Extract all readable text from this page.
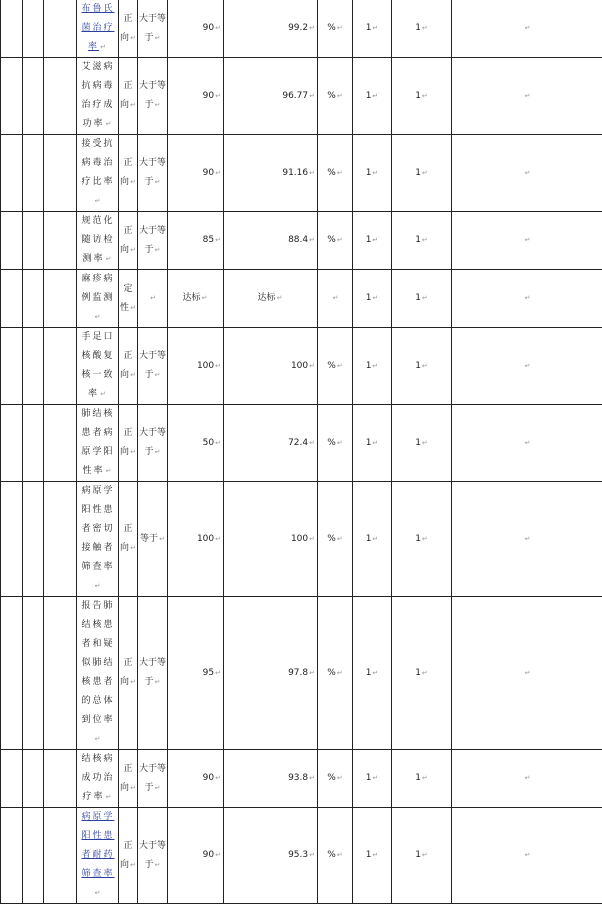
			布鲁氏菌治疗率↵	正向↵	大于等于↵	90↵	99.2↵	%↵	1↵	1↵	↵
			艾滋病抗病毒治疗成功率↵	正向↵	大于等于↵	90↵	96.77↵	%↵	1↵	1↵	↵
			接受抗病毒治疗比率↵	正向↵	大于等于↵	90↵	91.16↵	%↵	1↵	1↵	↵
			规范化随访检测率↵	正向↵	大于等于↵	85↵	88.4↵	%↵	1↵	1↵	↵
			麻疹病例监测↵	定性↵	↵	达标↵	达标↵	↵	1↵	1↵	↵
			手足口核酸复核一致率↵	正向↵	大于等于↵	100↵	100↵	%↵	1↵	1↵	↵
			肺结核患者病原学阳性率↵	正向↵	大于等于↵	50↵	72.4↵	%↵	1↵	1↵	↵
			病原学阳性患者密切接触者筛查率↵	正向↵	等于↵	100↵	100↵	%↵	1↵	1↵	↵
			报告肺结核患者和疑似肺结核患者的总体到位率↵	正向↵	大于等于↵	95↵	97.8↵	%↵	1↵	1↵	↵
			结核病成功治疗率↵	正向↵	大于等于↵	90↵	93.8↵	%↵	1↵	1↵	↵
			病原学阳性患者耐药筛查率↵	正向↵	大于等于↵	90↵	95.3↵	%↵	1↵	1↵	↵
